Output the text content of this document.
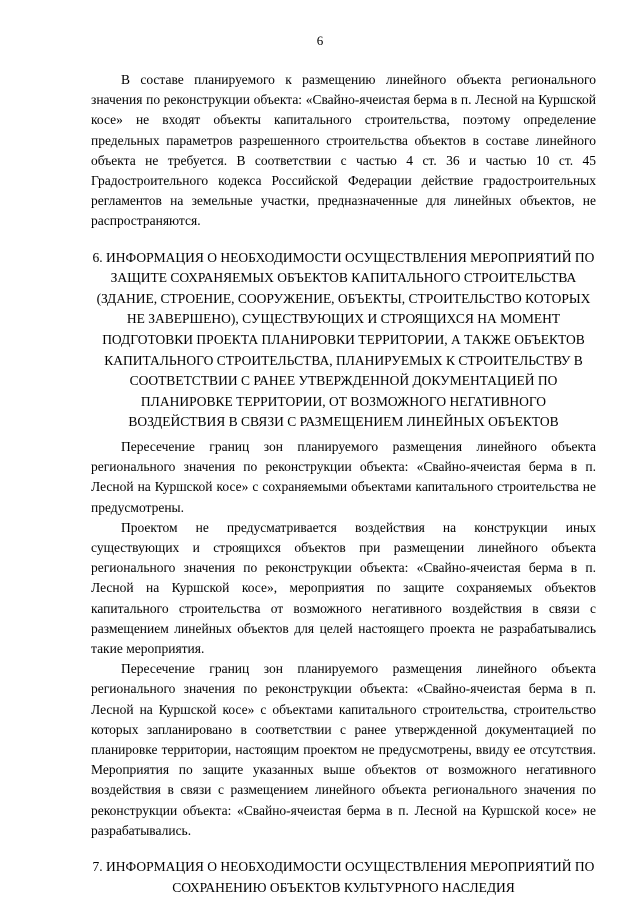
6

В составе планируемого к размещению линейного объекта регионального значения по реконструкции объекта: «Свайно-ячеистая берма в п. Лесной на Куршской косе» не входят объекты капитального строительства, поэтому определение предельных параметров разрешенного строительства объектов в составе линейного объекта не требуется. В соответствии с частью 4 ст. 36 и частью 10 ст. 45 Градостроительного кодекса Российской Федерации действие градостроительных регламентов на земельные участки, предназначенные для линейных объектов, не распространяются.

6. ИНФОРМАЦИЯ О НЕОБХОДИМОСТИ ОСУЩЕСТВЛЕНИЯ МЕРОПРИЯТИЙ ПО ЗАЩИТЕ СОХРАНЯЕМЫХ ОБЪЕКТОВ КАПИТАЛЬНОГО СТРОИТЕЛЬСТВА (ЗДАНИЕ, СТРОЕНИЕ, СООРУЖЕНИЕ, ОБЪЕКТЫ, СТРОИТЕЛЬСТВО КОТОРЫХ НЕ ЗАВЕРШЕНО), СУЩЕСТВУЮЩИХ И СТРОЯЩИХСЯ НА МОМЕНТ ПОДГОТОВКИ ПРОЕКТА ПЛАНИРОВКИ ТЕРРИТОРИИ, А ТАКЖЕ ОБЪЕКТОВ КАПИТАЛЬНОГО СТРОИТЕЛЬСТВА, ПЛАНИРУЕМЫХ К СТРОИТЕЛЬСТВУ В СООТВЕТСТВИИ С РАНЕЕ УТВЕРЖДЕННОЙ ДОКУМЕНТАЦИЕЙ ПО ПЛАНИРОВКЕ ТЕРРИТОРИИ, ОТ ВОЗМОЖНОГО НЕГАТИВНОГО ВОЗДЕЙСТВИЯ В СВЯЗИ С РАЗМЕЩЕНИЕМ ЛИНЕЙНЫХ ОБЪЕКТОВ

Пересечение границ зон планируемого размещения линейного объекта регионального значения по реконструкции объекта: «Свайно-ячеистая берма в п. Лесной на Куршской косе» с сохраняемыми объектами капитального строительства не предусмотрены.

Проектом не предусматривается воздействия на конструкции иных существующих и строящихся объектов при размещении линейного объекта регионального значения по реконструкции объекта: «Свайно-ячеистая берма в п. Лесной на Куршской косе», мероприятия по защите сохраняемых объектов капитального строительства от возможного негативного воздействия в связи с размещением линейных объектов для целей настоящего проекта не разрабатывались такие мероприятия.

Пересечение границ зон планируемого размещения линейного объекта регионального значения по реконструкции объекта: «Свайно-ячеистая берма в п. Лесной на Куршской косе» с объектами капитального строительства, строительство которых запланировано в соответствии с ранее утвержденной документацией по планировке территории, настоящим проектом не предусмотрены, ввиду ее отсутствия. Мероприятия по защите указанных выше объектов от возможного негативного воздействия в связи с размещением линейного объекта регионального значения по реконструкции объекта: «Свайно-ячеистая берма в п. Лесной на Куршской косе» не разрабатывались.

7. ИНФОРМАЦИЯ О НЕОБХОДИМОСТИ ОСУЩЕСТВЛЕНИЯ МЕРОПРИЯТИЙ ПО СОХРАНЕНИЮ ОБЪЕКТОВ КУЛЬТУРНОГО НАСЛЕДИЯ
